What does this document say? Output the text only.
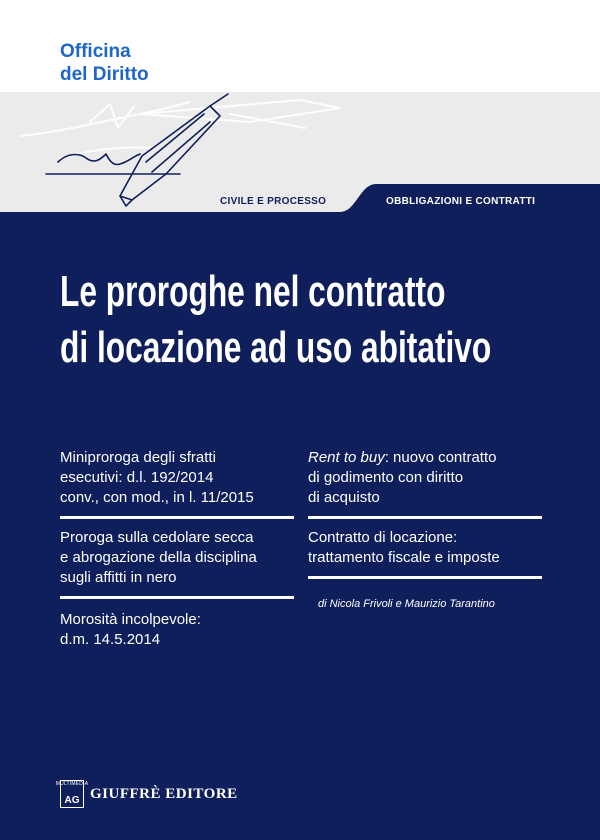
Officina
del Diritto
CIVILE E PROCESSO	OBBLIGAZIONI E CONTRATTI
Le proroghe nel contratto
di locazione ad uso abitativo

Miniproroga degli sfratti
esecutivi: d.l. 192/2014
conv., con mod., in l. 11/2015

Proroga sulla cedolare secca
e abrogazione della disciplina
sugli affitti in nero

Morosità incolpevole:
d.m. 14.5.2014

Rent to buy: nuovo contratto
di godimento con diritto
di acquisto

Contratto di locazione:
trattamento fiscale e imposte

di Nicola Frivoli e Maurizio Tarantino
MULTIMEDIA
AG GIUFFRÈ EDITORE
